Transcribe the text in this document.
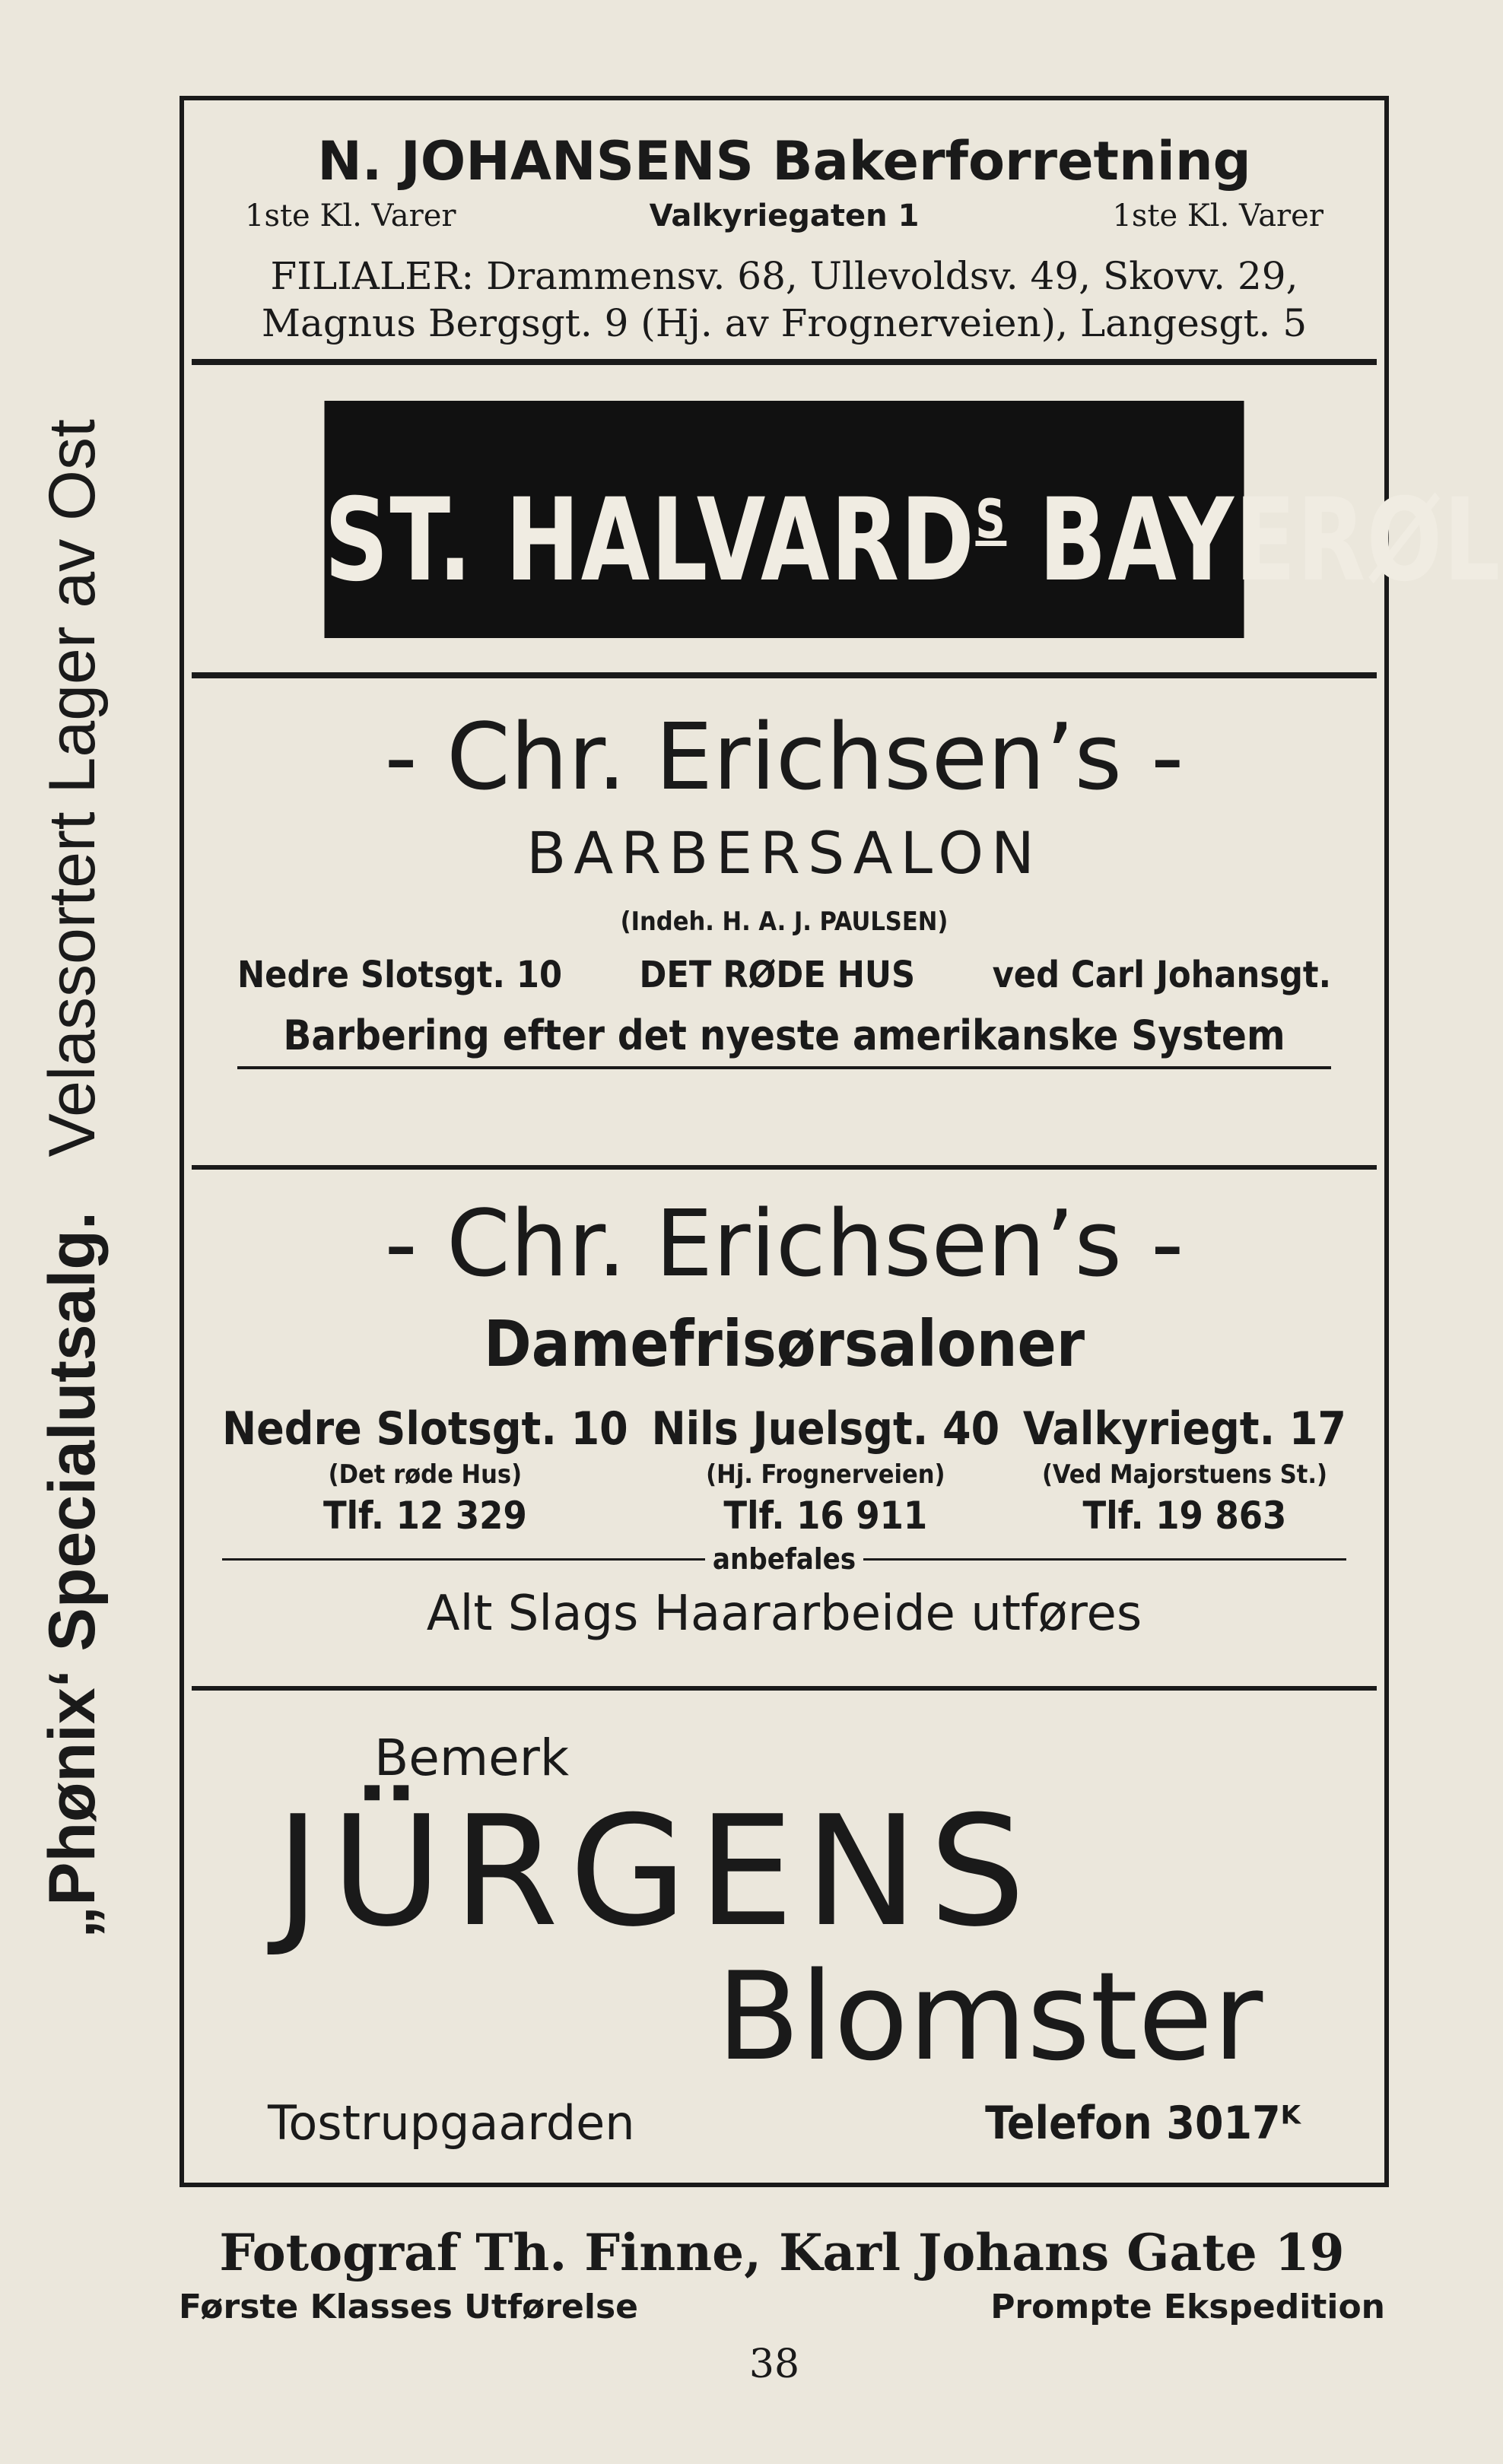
„Phønix‘ Specialutsalg.   Velassortert Lager av Ost
N. JOHANSENS Bakerforretning
1ste Kl. Varer	Valkyriegaten 1	1ste Kl. Varer
FILIALER: Drammensv. 68, Ullevoldsv. 49, Skovv. 29,
Magnus Bergsgt. 9 (Hj. av Frognerveien), Langesgt. 5
ST. $HALVARD^S$ BAYERØL
- Chr. Erichsen’s -
BARBERSALON
(Indeh. H. A. J. PAULSEN)
Nedre Slotsgt. 10 DET RØDE HUS ved Carl Johansgt.
Barbering efter det nyeste amerikanske System
- Chr. Erichsen’s -
Damefrisørsaloner
Nedre Slotsgt. 10
(Det røde Hus)
Tlf. 12 329
Nils Juelsgt. 40
(Hj. Frognerveien)
Tlf. 16 911
Valkyriegt. 17
(Ved Majorstuens St.)
Tlf. 19 863
anbefales
Alt Slags Haararbeide utføres
Bemerk
JÜRGENS
Blomster
Tostrupgaarden	Telefon 3017ᴷ
Fotograf Th. Finne, Karl Johans Gate 19
Første Klasses Utførelse	Prompte Ekspedition
38
